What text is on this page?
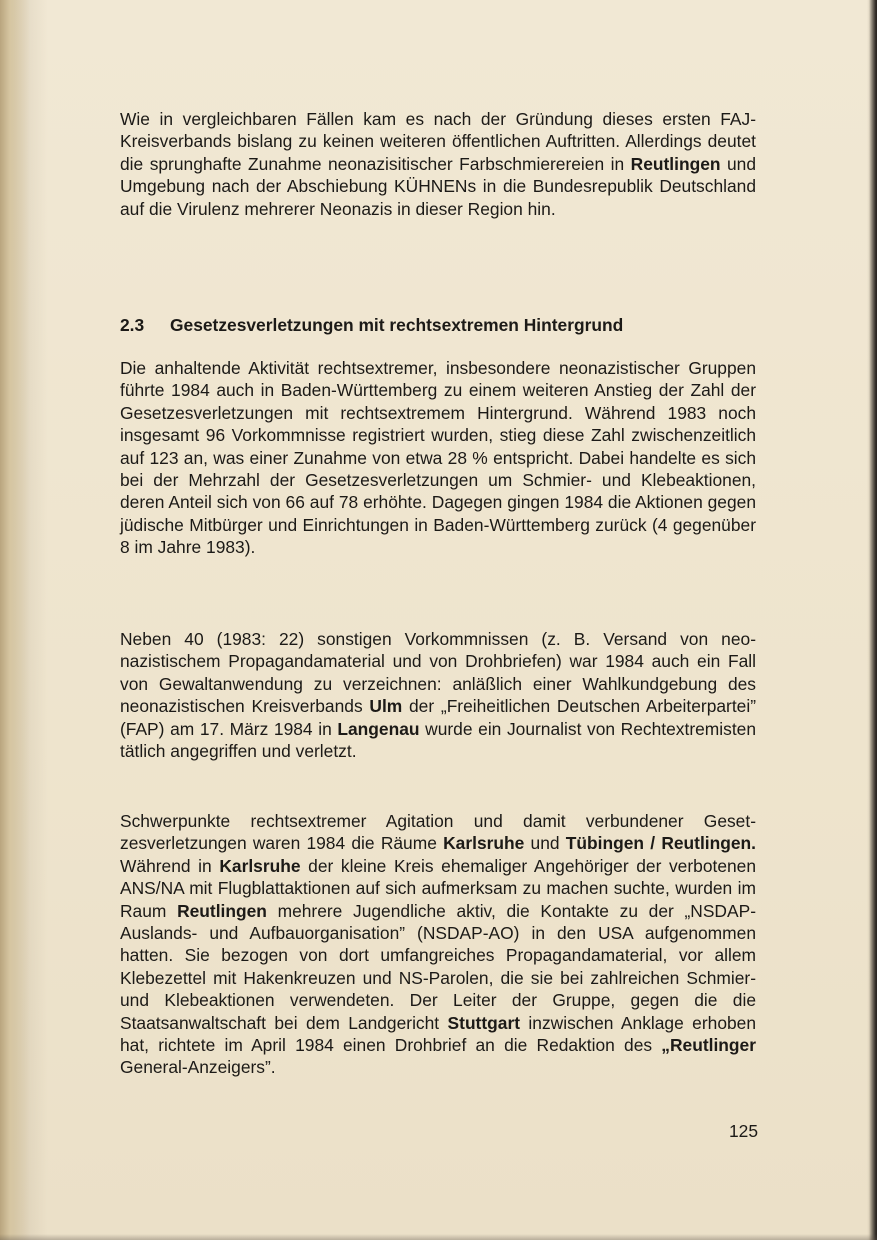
Wie in vergleichbaren Fällen kam es nach der Gründung dieses ersten FAJ-Kreisverbands bislang zu keinen weiteren öffentlichen Auftritten. Allerdings deutet die sprunghafte Zunahme neonazisitischer Farbschmierereien in Reutlingen und Umgebung nach der Abschiebung KÜHNENs in die Bundesrepublik Deutschland auf die Virulenz mehrerer Neonazis in dieser Region hin.

2.3 Gesetzesverletzungen mit rechtsextremen Hintergrund

Die anhaltende Aktivität rechtsextremer, insbesondere neonazistischer Gruppen führte 1984 auch in Baden-Württemberg zu einem weiteren Anstieg der Zahl der Gesetzesverletzungen mit rechtsextremem Hintergrund. Während 1983 noch insgesamt 96 Vorkommnisse registriert wurden, stieg diese Zahl zwischenzeitlich auf 123 an, was einer Zunahme von etwa 28 % entspricht. Dabei handelte es sich bei der Mehrzahl der Gesetzesverletzungen um Schmier- und Klebeaktionen, deren Anteil sich von 66 auf 78 erhöhte. Dagegen gingen 1984 die Aktionen gegen jüdische Mitbürger und Einrichtungen in Baden-Württemberg zurück (4 gegenüber 8 im Jahre 1983).

Neben 40 (1983: 22) sonstigen Vorkommnissen (z. B. Versand von neonazistischem Propagandamaterial und von Drohbriefen) war 1984 auch ein Fall von Gewaltanwendung zu verzeichnen: anläßlich einer Wahlkundgebung des neonazistischen Kreisverbands Ulm der „Freiheitlichen Deutschen Arbeiterpartei” (FAP) am 17. März 1984 in Langenau wurde ein Journalist von Rechtextremisten tätlich angegriffen und verletzt.

Schwerpunkte rechtsextremer Agitation und damit verbundener Gesetzesverletzungen waren 1984 die Räume Karlsruhe und Tübingen / Reutlingen. Während in Karlsruhe der kleine Kreis ehemaliger Angehöriger der verbotenen ANS/NA mit Flugblattaktionen auf sich aufmerksam zu machen suchte, wurden im Raum Reutlingen mehrere Jugendliche aktiv, die Kontakte zu der „NSDAP-Auslands- und Aufbauorganisation” (NSDAP-AO) in den USA aufgenommen hatten. Sie bezogen von dort umfangreiches Propagandamaterial, vor allem Klebezettel mit Hakenkreuzen und NS-Parolen, die sie bei zahlreichen Schmier- und Klebeaktionen verwendeten. Der Leiter der Gruppe, gegen die die Staatsanwaltschaft bei dem Landgericht Stuttgart inzwischen Anklage erhoben hat, richtete im April 1984 einen Drohbrief an die Redaktion des „Reutlinger General-Anzeigers”.

125
